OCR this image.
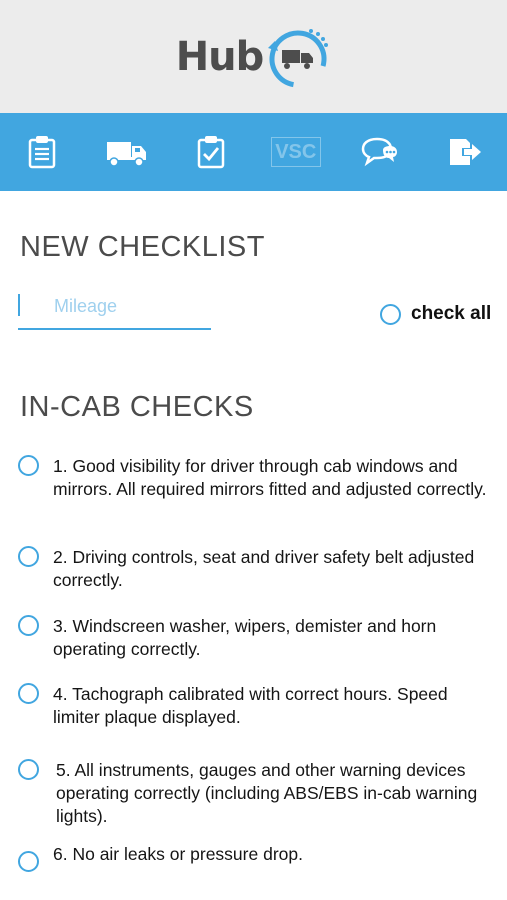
Hub
VSC
NEW CHECKLIST
Mileage
check all
IN-CAB CHECKS
1. Good visibility for driver through cab windows and mirrors. All required mirrors fitted and adjusted correctly.
2. Driving controls, seat and driver safety belt adjusted correctly.
3. Windscreen washer, wipers, demister and horn operating correctly.
4. Tachograph calibrated with correct hours. Speed limiter plaque displayed.
5. All instruments, gauges and other warning devices operating correctly (including ABS/EBS in-cab warning lights).
6. No air leaks or pressure drop.
